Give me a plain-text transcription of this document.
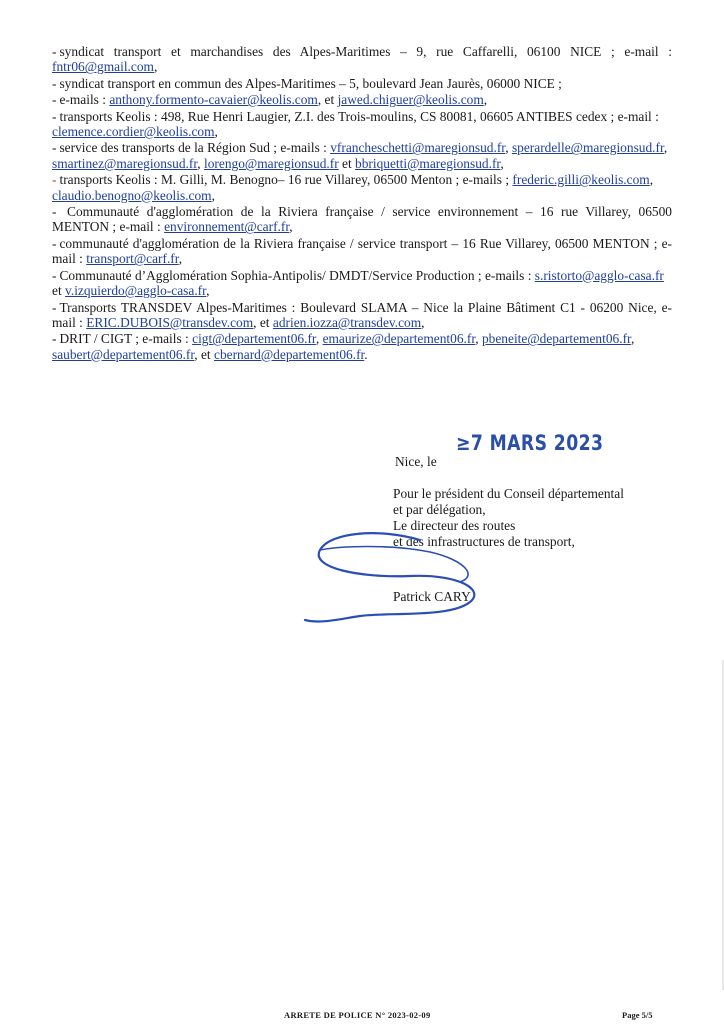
- syndicat transport et marchandises des Alpes-Maritimes – 9, rue Caffarelli, 06100 NICE ; e-mail : fntr06@gmail.com,
- syndicat transport en commun des Alpes-Maritimes – 5, boulevard Jean Jaurès, 06000 NICE ;
- e-mails : anthony.formento-cavaier@keolis.com, et jawed.chiguer@keolis.com,
- transports Keolis : 498, Rue Henri Laugier, Z.I. des Trois-moulins, CS 80081, 06605 ANTIBES cedex ; e-mail :
clemence.cordier@keolis.com,
- service des transports de la Région Sud ; e-mails : vfrancheschetti@maregionsud.fr, sperardelle@maregionsud.fr,
smartinez@maregionsud.fr, lorengo@maregionsud.fr et bbriquetti@maregionsud.fr,
- transports Keolis : M. Gilli, M. Benogno– 16 rue Villarey, 06500 Menton ; e-mails ; frederic.gilli@keolis.com,
claudio.benogno@keolis.com,
- Communauté d'agglomération de la Riviera française / service environnement – 16 rue Villarey, 06500 MENTON ; e-mail : environnement@carf.fr,
- communauté d'agglomération de la Riviera française / service transport – 16 Rue Villarey, 06500 MENTON ; e-mail : transport@carf.fr,
- Communauté d’Agglomération Sophia-Antipolis/ DMDT/Service Production ; e-mails : s.ristorto@agglo-casa.fr
et v.izquierdo@agglo-casa.fr,
- Transports TRANSDEV Alpes-Maritimes : Boulevard SLAMA – Nice la Plaine Bâtiment C1 - 06200 Nice, e-mail : ERIC.DUBOIS@transdev.com, et adrien.iozza@transdev.com,
- DRIT / CIGT ; e-mails : cigt@departement06.fr, emaurize@departement06.fr, pbeneite@departement06.fr,
saubert@departement06.fr, et cbernard@departement06.fr.
Nice, le
≥7 MARS 2023
Pour le président du Conseil départemental
et par délégation,
Le directeur des routes
et des infrastructures de transport,
Patrick CARY
ARRETE DE POLICE N° 2023-02-09	Page 5/5
